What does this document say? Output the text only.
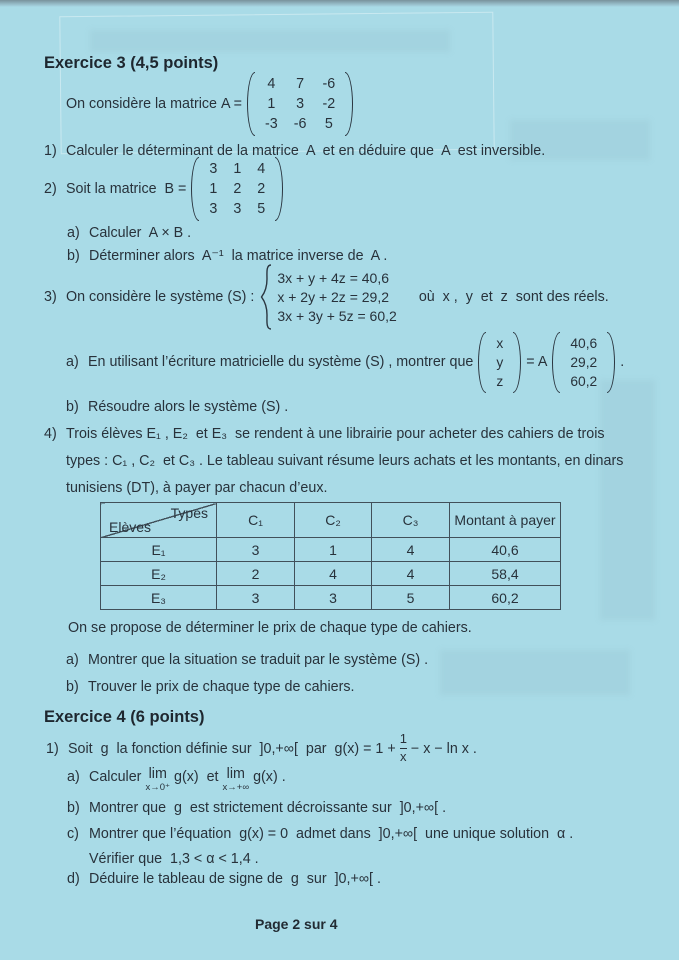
Exercice 3 (4,5 points)
On considère la matrice A =
4	7	-6
1	3	-2
-3	-6	5
1) Calculer le déterminant de la matrice  A  et en déduire que  A  est inversible.
2) Soit la matrice  B =
3	1	4
1	2	2
3	3	5
a) Calculer  A × B .
b) Déterminer alors  A⁻¹  la matrice inverse de  A .
3) On considère le système (S) :
3x + y + 4z = 40,6
x + 2y + 2z = 29,2
3x + 3y + 5z = 60,2
où  x ,  y  et  z  sont des réels.
a) En utilisant l’écriture matricielle du système (S) , montrer que
x
y
z
= A
40,6
29,2
60,2
.
b) Résoudre alors le système (S) .
4) Trois élèves E₁ , E₂  et E₃  se rendent à une librairie pour acheter des cahiers de trois
types : C₁ , C₂  et C₃ . Le tableau suivant résume leurs achats et les montants, en dinars
tunisiens (DT), à payer par chacun d’eux.
Types
Elèves	C₁	C₂	C₃	Montant à payer
E₁	3	1	4	40,6
E₂	2	4	4	58,4
E₃	3	3	5	60,2
On se propose de déterminer le prix de chaque type de cahiers.
a) Montrer que la situation se traduit par le système (S) .
b) Trouver le prix de chaque type de cahiers.
Exercice 4 (6 points)
1) Soit  g  la fonction définie sur  ]0,+∞[  par  $g(x) = 1 + \frac{1}{x} - x - \ln x$ .
a) Calculer lim
x→0⁺
g(x)  et lim
x→+∞
g(x) .
b) Montrer que  g  est strictement décroissante sur  ]0,+∞[ .
c) Montrer que l’équation  g(x) = 0  admet dans  ]0,+∞[  une unique solution  α .
Vérifier que  1,3 < α < 1,4 .
d) Déduire le tableau de signe de  g  sur  ]0,+∞[ .
Page 2 sur 4
